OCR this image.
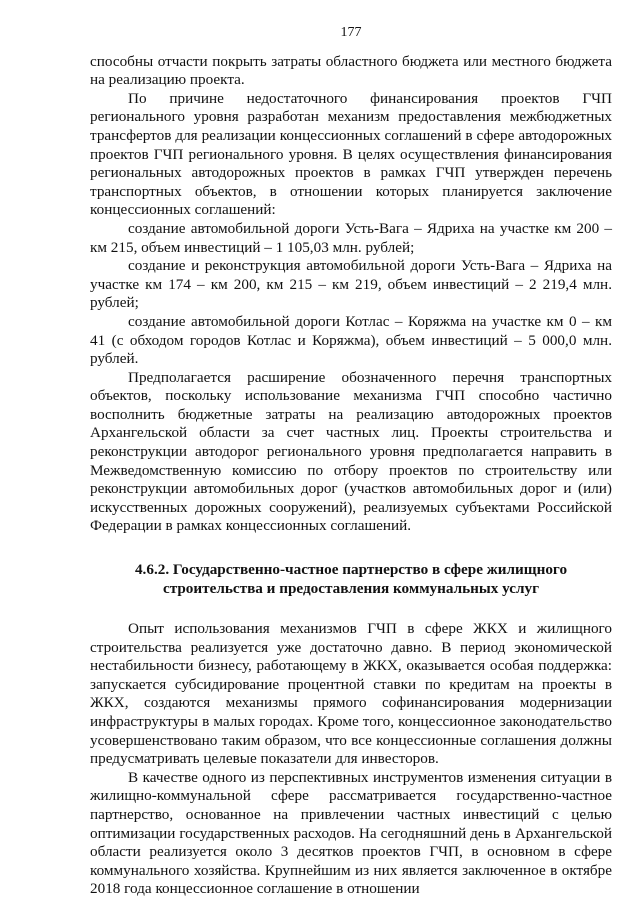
177

способны отчасти покрыть затраты областного бюджета или местного бюджета на реализацию проекта.

По причине недостаточного финансирования проектов ГЧП регионального уровня разработан механизм предоставления межбюджетных трансфертов для реализации концессионных соглашений в сфере автодорожных проектов ГЧП регионального уровня. В целях осуществления финансирования региональных автодорожных проектов в рамках ГЧП утвержден перечень транспортных объектов, в отношении которых планируется заключение концессионных соглашений:

создание автомобильной дороги Усть-Вага – Ядриха на участке км 200 – км 215, объем инвестиций – 1 105,03 млн. рублей;

создание и реконструкция автомобильной дороги Усть-Вага – Ядриха на участке км 174 – км 200, км 215 – км 219, объем инвестиций – 2 219,4 млн. рублей;

создание автомобильной дороги Котлас – Коряжма на участке км 0 – км 41 (с обходом городов Котлас и Коряжма), объем инвестиций – 5 000,0 млн. рублей.

Предполагается расширение обозначенного перечня транспортных объектов, поскольку использование механизма ГЧП способно частично восполнить бюджетные затраты на реализацию автодорожных проектов Архангельской области за счет частных лиц. Проекты строительства и реконструкции автодорог регионального уровня предполагается направить в Межведомственную комиссию по отбору проектов по строительству или реконструкции автомобильных дорог (участков автомобильных дорог и (или) искусственных дорожных сооружений), реализуемых субъектами Российской Федерации в рамках концессионных соглашений.

4.6.2. Государственно-частное партнерство в сфере жилищного строительства и предоставления коммунальных услуг

Опыт использования механизмов ГЧП в сфере ЖКХ и жилищного строительства реализуется уже достаточно давно. В период экономической нестабильности бизнесу, работающему в ЖКХ, оказывается особая поддержка: запускается субсидирование процентной ставки по кредитам на проекты в ЖКХ, создаются механизмы прямого софинансирования модернизации инфраструктуры в малых городах. Кроме того, концессионное законодательство усовершенствовано таким образом, что все концессионные соглашения должны предусматривать целевые показатели для инвесторов.

В качестве одного из перспективных инструментов изменения ситуации в жилищно-коммунальной сфере рассматривается государственно-частное партнерство, основанное на привлечении частных инвестиций с целью оптимизации государственных расходов. На сегодняшний день в Архангельской области реализуется около 3 десятков проектов ГЧП, в основном в сфере коммунального хозяйства. Крупнейшим из них является заключенное в октябре 2018 года концессионное соглашение в отношении
